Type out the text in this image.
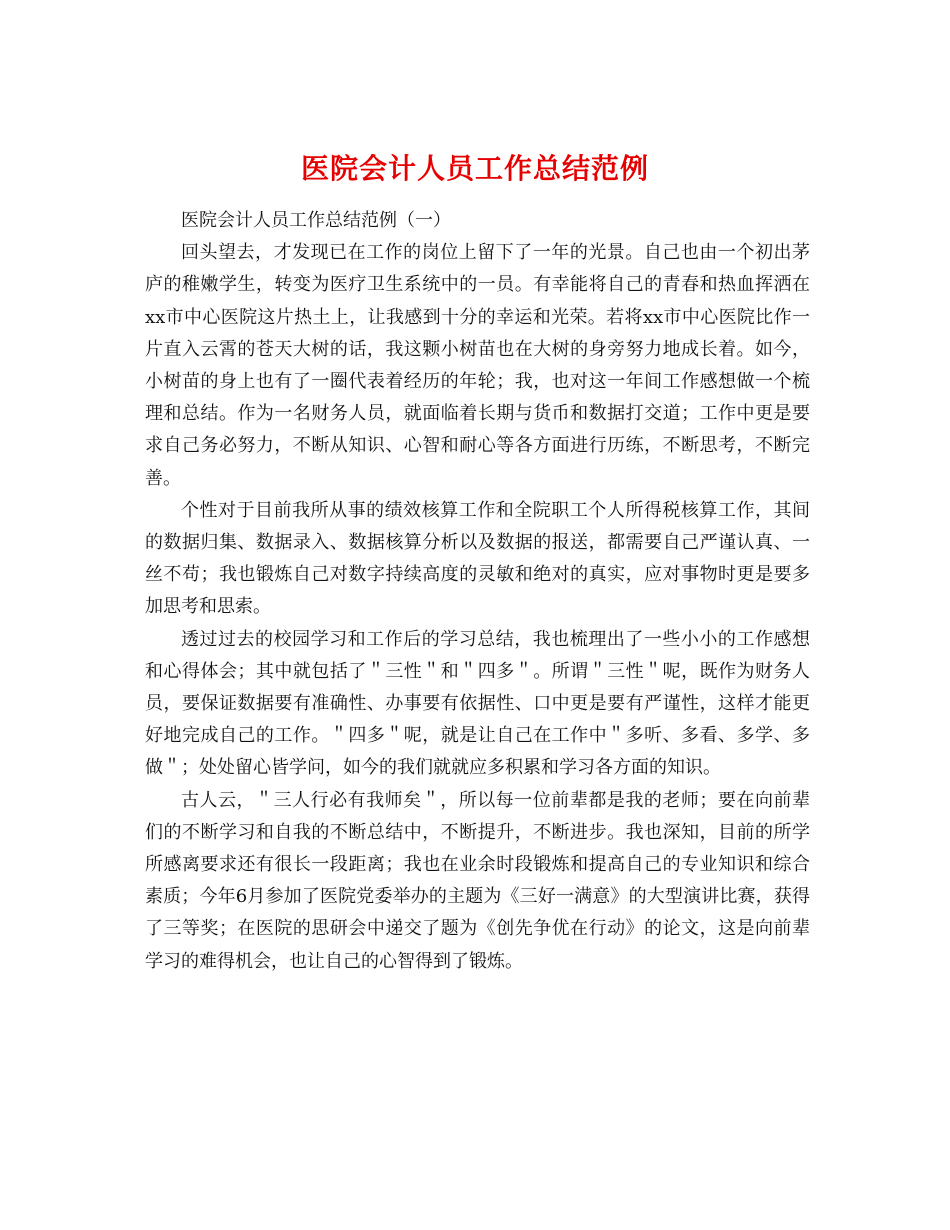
医院会计人员工作总结范例

医院会计人员工作总结范例（一）

回头望去，才发现已在工作的岗位上留下了一年的光景。自己也由一个初出茅庐的稚嫩学生，转变为医疗卫生系统中的一员。有幸能将自己的青春和热血挥洒在xx市中心医院这片热土上，让我感到十分的幸运和光荣。若将xx市中心医院比作一片直入云霄的苍天大树的话，我这颗小树苗也在大树的身旁努力地成长着。如今，小树苗的身上也有了一圈代表着经历的年轮；我，也对这一年间工作感想做一个梳理和总结。作为一名财务人员，就面临着长期与货币和数据打交道；工作中更是要求自己务必努力，不断从知识、心智和耐心等各方面进行历练，不断思考，不断完善。

个性对于目前我所从事的绩效核算工作和全院职工个人所得税核算工作，其间的数据归集、数据录入、数据核算分析以及数据的报送，都需要自己严谨认真、一丝不苟；我也锻炼自己对数字持续高度的灵敏和绝对的真实，应对事物时更是要多加思考和思索。

透过过去的校园学习和工作后的学习总结，我也梳理出了一些小小的工作感想和心得体会；其中就包括了＂三性＂和＂四多＂。所谓＂三性＂呢，既作为财务人员，要保证数据要有准确性、办事要有依据性、口中更是要有严谨性，这样才能更好地完成自己的工作。＂四多＂呢，就是让自己在工作中＂多听、多看、多学、多做＂；处处留心皆学问，如今的我们就就应多积累和学习各方面的知识。

古人云，＂三人行必有我师矣＂，所以每一位前辈都是我的老师；要在向前辈们的不断学习和自我的不断总结中，不断提升，不断进步。我也深知，目前的所学所感离要求还有很长一段距离；我也在业余时段锻炼和提高自己的专业知识和综合素质；今年6月参加了医院党委举办的主题为《三好一满意》的大型演讲比赛，获得了三等奖；在医院的思研会中递交了题为《创先争优在行动》的论文，这是向前辈学习的难得机会，也让自己的心智得到了锻炼。
